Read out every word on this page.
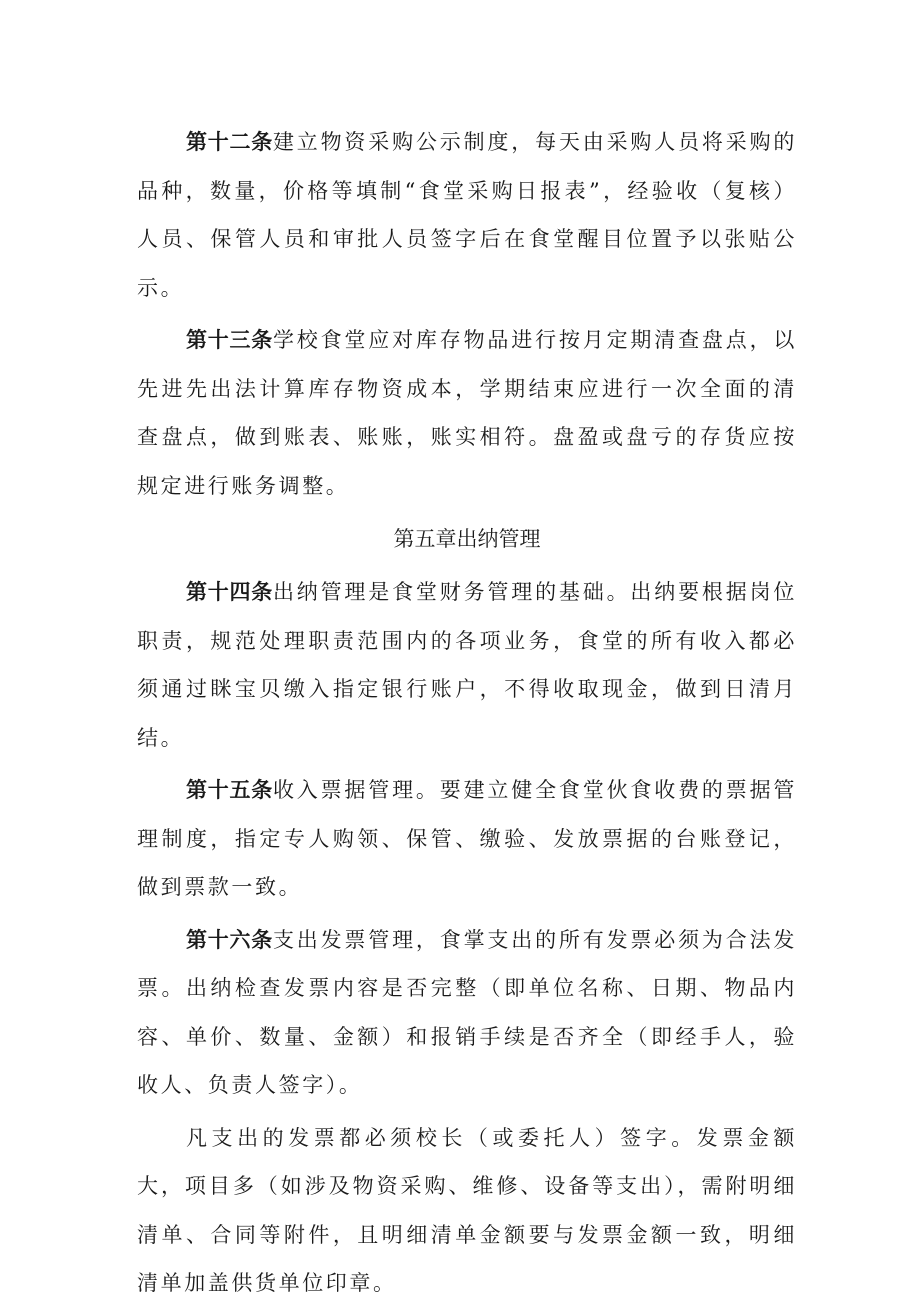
第十二条建立物资采购公示制度，每天由采购人员将采购的品种，数量，价格等填制“食堂采购日报表”，经验收（复核）人员、保管人员和审批人员签字后在食堂醒目位置予以张贴公示。

第十三条学校食堂应对库存物品进行按月定期清查盘点，以先进先出法计算库存物资成本，学期结束应进行一次全面的清查盘点，做到账表、账账，账实相符。盘盈或盘亏的存货应按规定进行账务调整。

第五章出纳管理

第十四条出纳管理是食堂财务管理的基础。出纳要根据岗位职责，规范处理职责范围内的各项业务，食堂的所有收入都必须通过眯宝贝缴入指定银行账户，不得收取现金，做到日清月结。

第十五条收入票据管理。要建立健全食堂伙食收费的票据管理制度，指定专人购领、保管、缴验、发放票据的台账登记，做到票款一致。

第十六条支出发票管理，食掌支出的所有发票必须为合法发票。出纳检查发票内容是否完整（即单位名称、日期、物品内容、单价、数量、金额）和报销手续是否齐全（即经手人，验收人、负责人签字）。

凡支出的发票都必须校长（或委托人）签字。发票金额大，项目多（如涉及物资采购、维修、设备等支出），需附明细清单、合同等附件，且明细清单金额要与发票金额一致，明细清单加盖供货单位印章。
